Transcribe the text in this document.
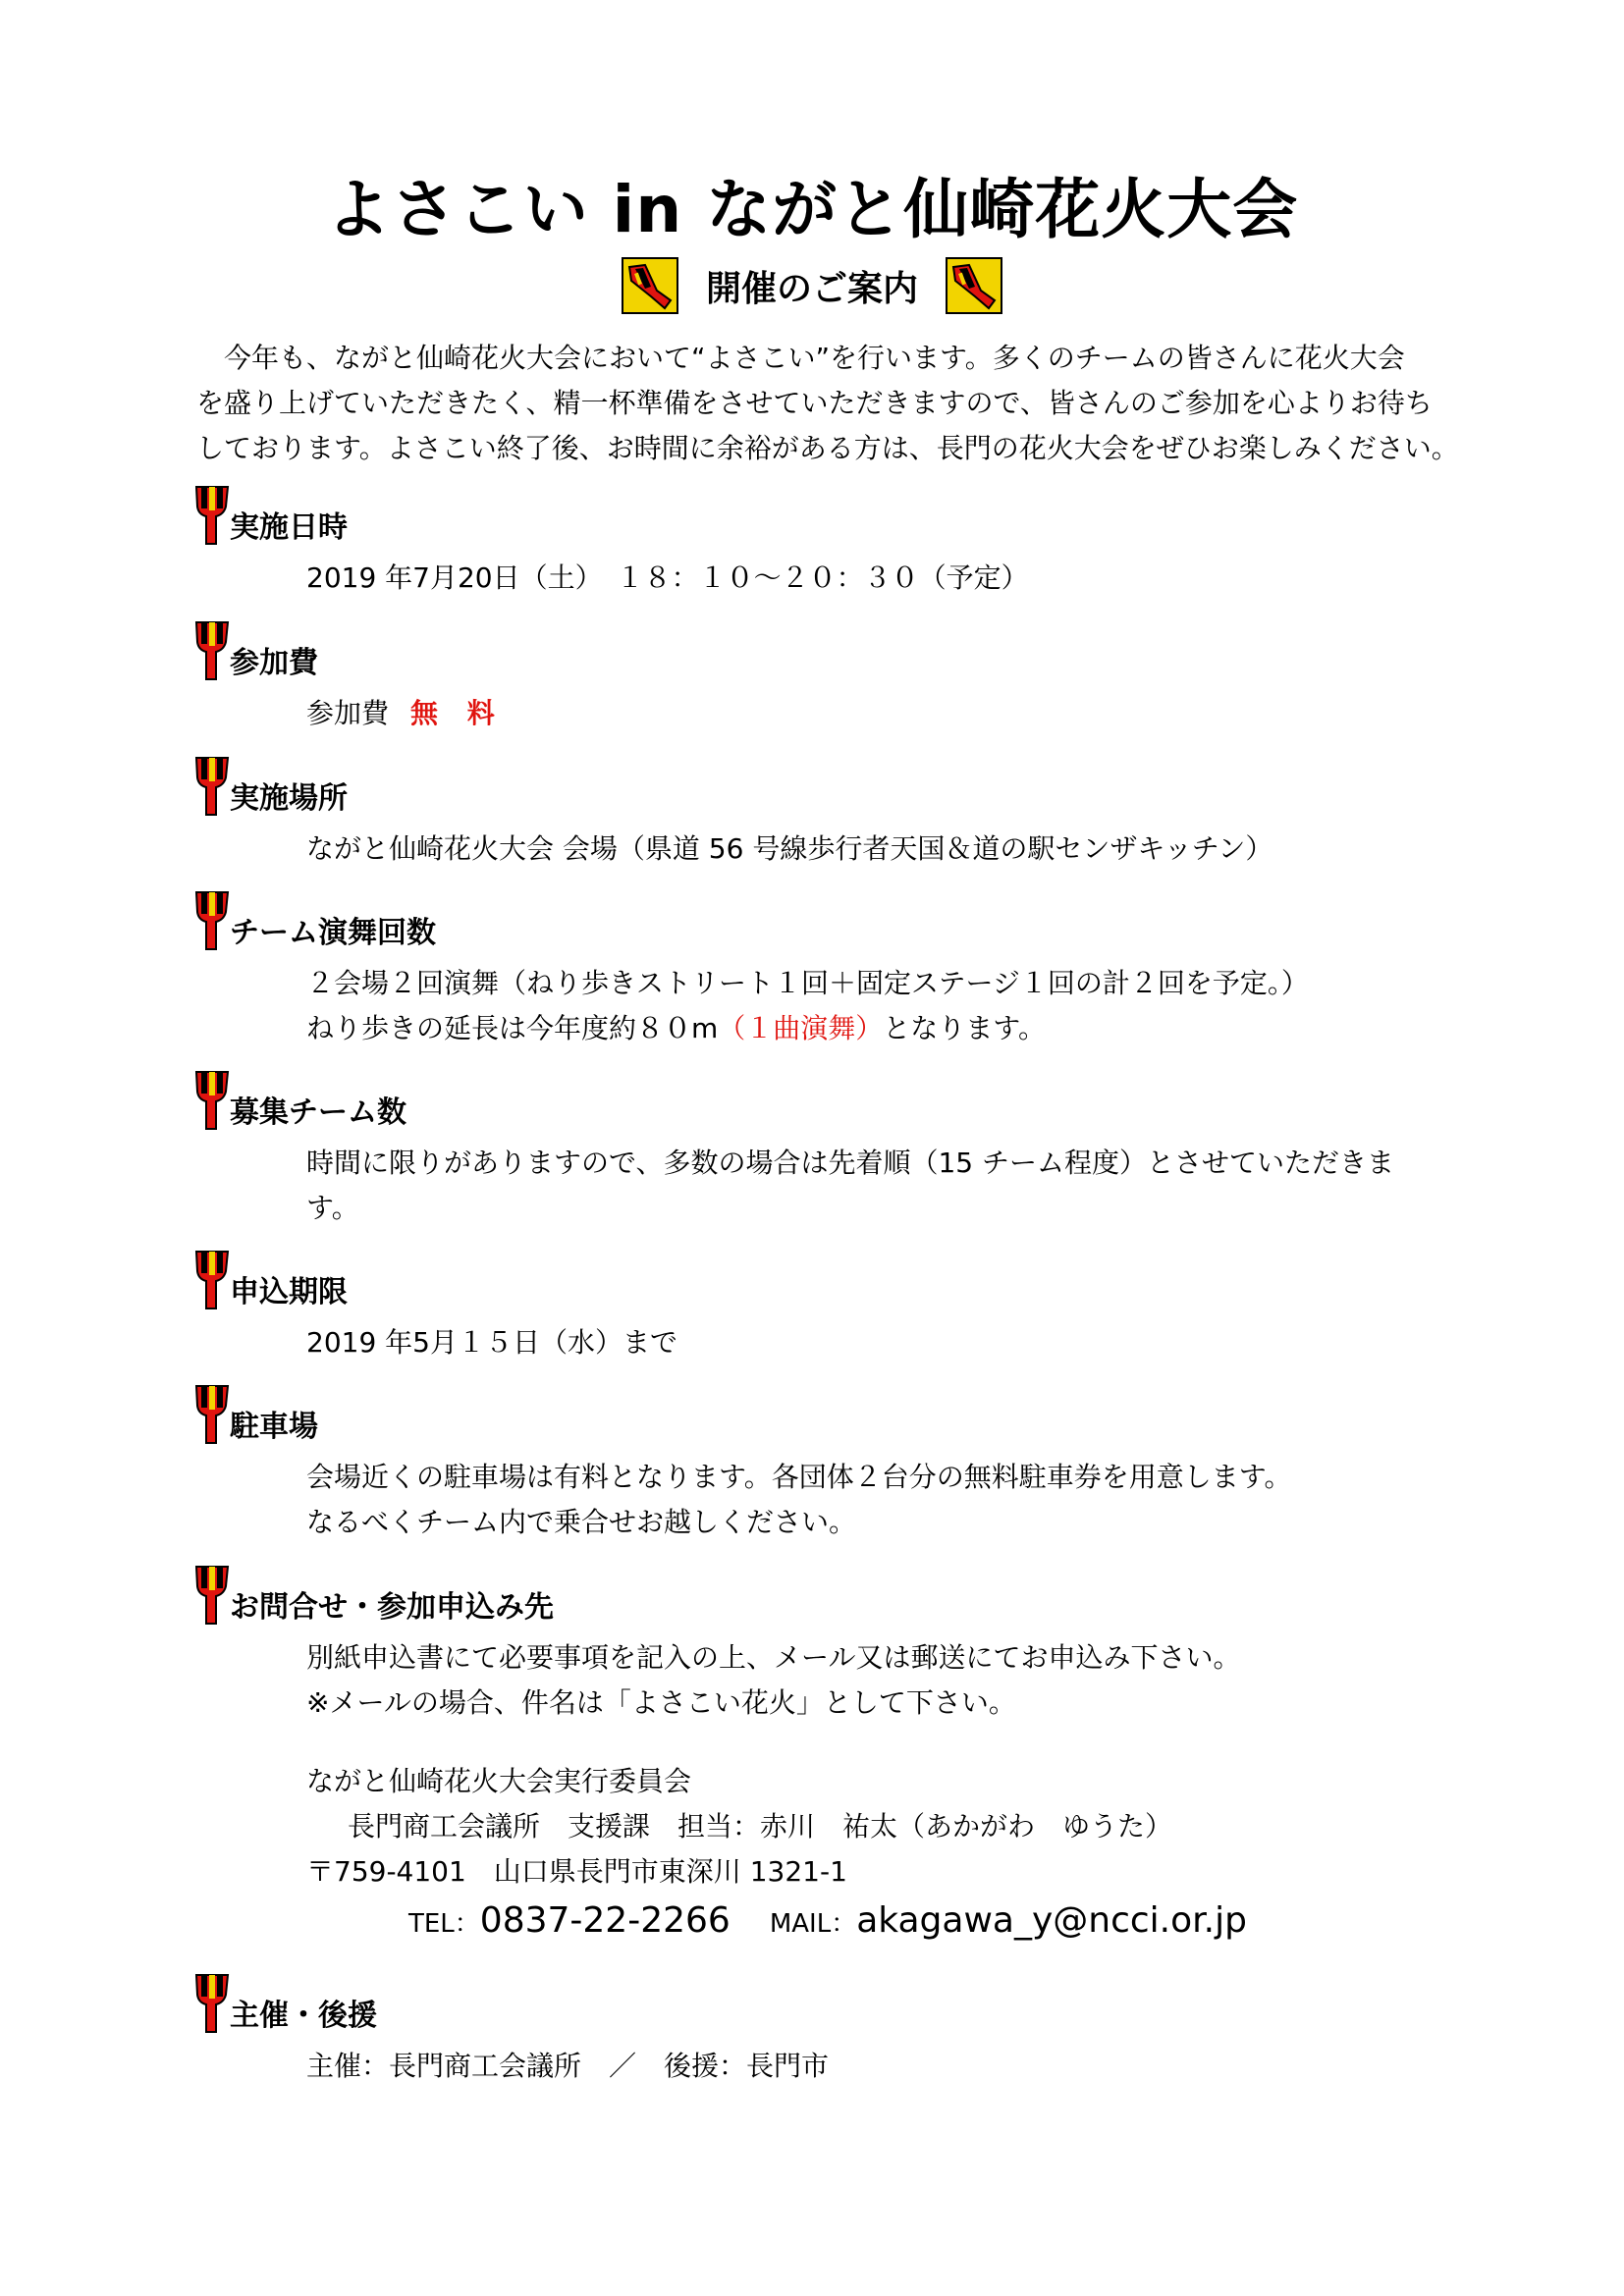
よさこい in ながと仙崎花火大会
開催のご案内

今年も、ながと仙崎花火大会において“よさこい”を行います。多くのチームの皆さんに花火大会

を盛り上げていただきたく、精一杯準備をさせていただきますので、皆さんのご参加を心よりお待ち

しております。よさこい終了後、お時間に余裕がある方は、長門の花火大会をぜひお楽しみください。

実施日時

2019 年7月20日（土）　１８：１０～２０：３０（予定）

参加費

参加費 無 料

実施場所

ながと仙崎花火大会 会場（県道 56 号線歩行者天国＆道の駅センザキッチン）

チーム演舞回数

２会場２回演舞（ねり歩きストリート１回＋固定ステージ１回の計２回を予定。）

ねり歩きの延長は今年度約８０m（１曲演舞）となります。

募集チーム数

時間に限りがありますので、多数の場合は先着順（15 チーム程度）とさせていただきま

す。

申込期限

2019 年5月１５日（水）まで

駐車場

会場近くの駐車場は有料となります。各団体２台分の無料駐車券を用意します。

なるべくチーム内で乗合せお越しください。

お問合せ・参加申込み先

別紙申込書にて必要事項を記入の上、メール又は郵送にてお申込み下さい。

※メールの場合、件名は「よさこい花火」として下さい。

ながと仙崎花火大会実行委員会

長門商工会議所　支援課　担当：赤川　祐太（あかがわ　ゆうた）

〒759-4101　山口県長門市東深川 1321-1

TEL： 0837-22-2266 MAIL： akagawa_y@ncci.or.jp
主催・後援

主催：長門商工会議所　／　後援：長門市
